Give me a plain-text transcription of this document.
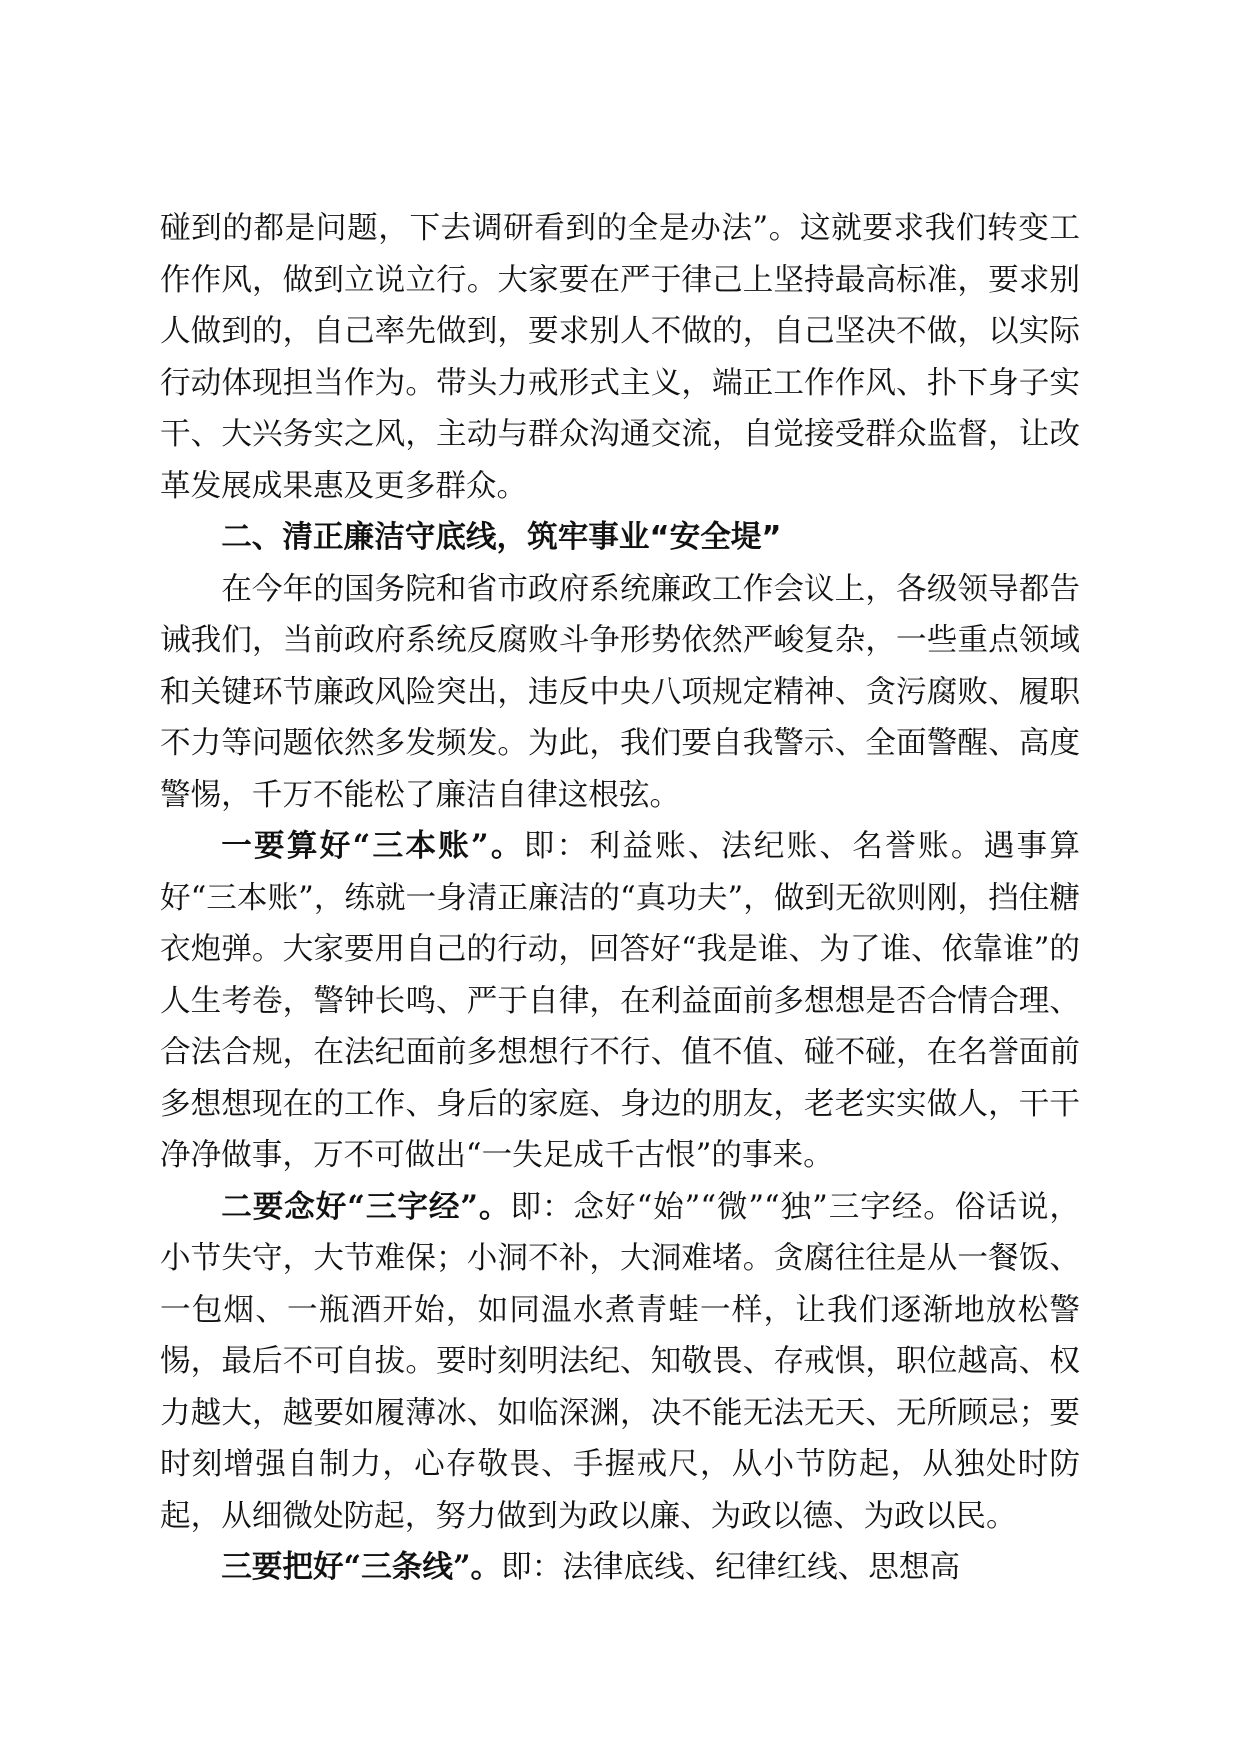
碰到的都是问题，下去调研看到的全是办法”。这就要求我们转变工作作风，做到立说立行。大家要在严于律己上坚持最高标准，要求别人做到的，自己率先做到，要求别人不做的，自己坚决不做，以实际行动体现担当作为。带头力戒形式主义，端正工作作风、扑下身子实干、大兴务实之风，主动与群众沟通交流，自觉接受群众监督，让改革发展成果惠及更多群众。

二、清正廉洁守底线，筑牢事业“安全堤”

在今年的国务院和省市政府系统廉政工作会议上，各级领导都告诫我们，当前政府系统反腐败斗争形势依然严峻复杂，一些重点领域和关键环节廉政风险突出，违反中央八项规定精神、贪污腐败、履职不力等问题依然多发频发。为此，我们要自我警示、全面警醒、高度警惕，千万不能松了廉洁自律这根弦。

一要算好“三本账”。即：利益账、法纪账、名誉账。遇事算好“三本账”，练就一身清正廉洁的“真功夫”，做到无欲则刚，挡住糖衣炮弹。大家要用自己的行动，回答好“我是谁、为了谁、依靠谁”的人生考卷，警钟长鸣、严于自律，在利益面前多想想是否合情合理、合法合规，在法纪面前多想想行不行、值不值、碰不碰，在名誉面前多想想现在的工作、身后的家庭、身边的朋友，老老实实做人，干干净净做事，万不可做出“一失足成千古恨”的事来。

二要念好“三字经”。即：念好“始”“微”“独”三字经。俗话说，小节失守，大节难保；小洞不补，大洞难堵。贪腐往往是从一餐饭、一包烟、一瓶酒开始，如同温水煮青蛙一样，让我们逐渐地放松警惕，最后不可自拔。要时刻明法纪、知敬畏、存戒惧，职位越高、权力越大，越要如履薄冰、如临深渊，决不能无法无天、无所顾忌；要时刻增强自制力，心存敬畏、手握戒尺，从小节防起，从独处时防起，从细微处防起，努力做到为政以廉、为政以德、为政以民。

三要把好“三条线”。即：法律底线、纪律红线、思想高
